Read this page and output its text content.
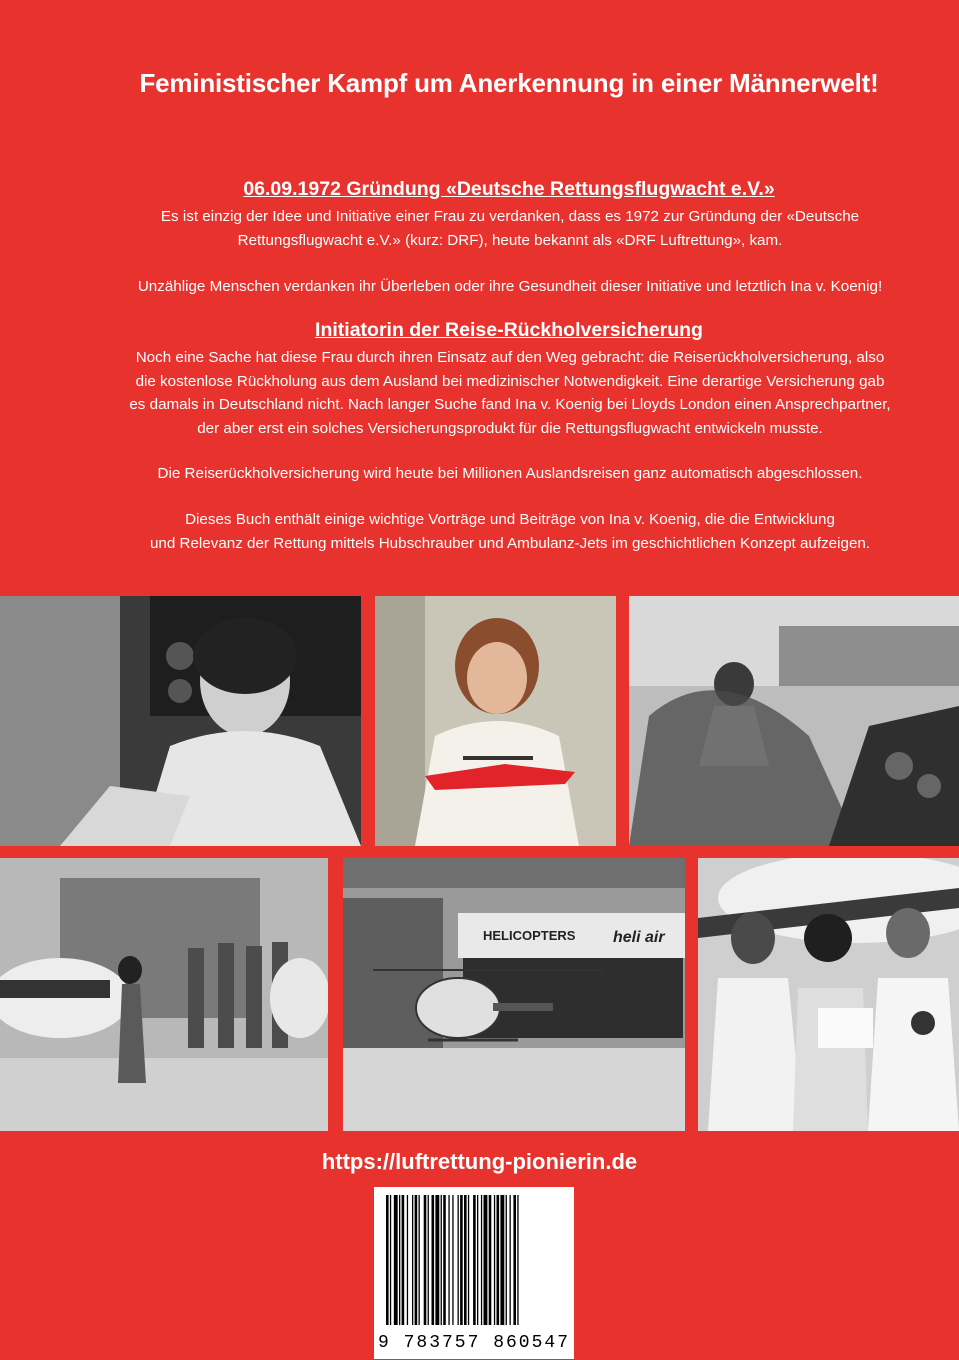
Feministischer Kampf um Anerkennung in einer Männerwelt!
06.09.1972 Gründung «Deutsche Rettungsflugwacht e.V.»

Es ist einzig der Idee und Initiative einer Frau zu verdanken, dass es 1972 zur Gründung der «Deutsche
Rettungsflugwacht e.V.» (kurz: DRF), heute bekannt als «DRF Luftrettung», kam.

Unzählige Menschen verdanken ihr Überleben oder ihre Gesundheit dieser Initiative und letztlich Ina v. Koenig!

Initiatorin der Reise-Rückholversicherung

Noch eine Sache hat diese Frau durch ihren Einsatz auf den Weg gebracht: die Reiserückholversicherung, also
die kostenlose Rückholung aus dem Ausland bei medizinischer Notwendigkeit. Eine derartige Versicherung gab
es damals in Deutschland nicht. Nach langer Suche fand Ina v. Koenig bei Lloyds London einen Ansprechpartner,
der aber erst ein solches Versicherungsprodukt für die Rettungsflugwacht entwickeln musste.

Die Reiserückholversicherung wird heute bei Millionen Auslandsreisen ganz automatisch abgeschlossen.

Dieses Buch enthält einige wichtige Vorträge und Beiträge von Ina v. Koenig, die die Entwicklung
und Relevanz der Rettung mittels Hubschrauber und Ambulanz-Jets im geschichtlichen Konzept aufzeigen.

HELICOPTERS heli air

https://luftrettung-pionierin.de

9 783757 860547
